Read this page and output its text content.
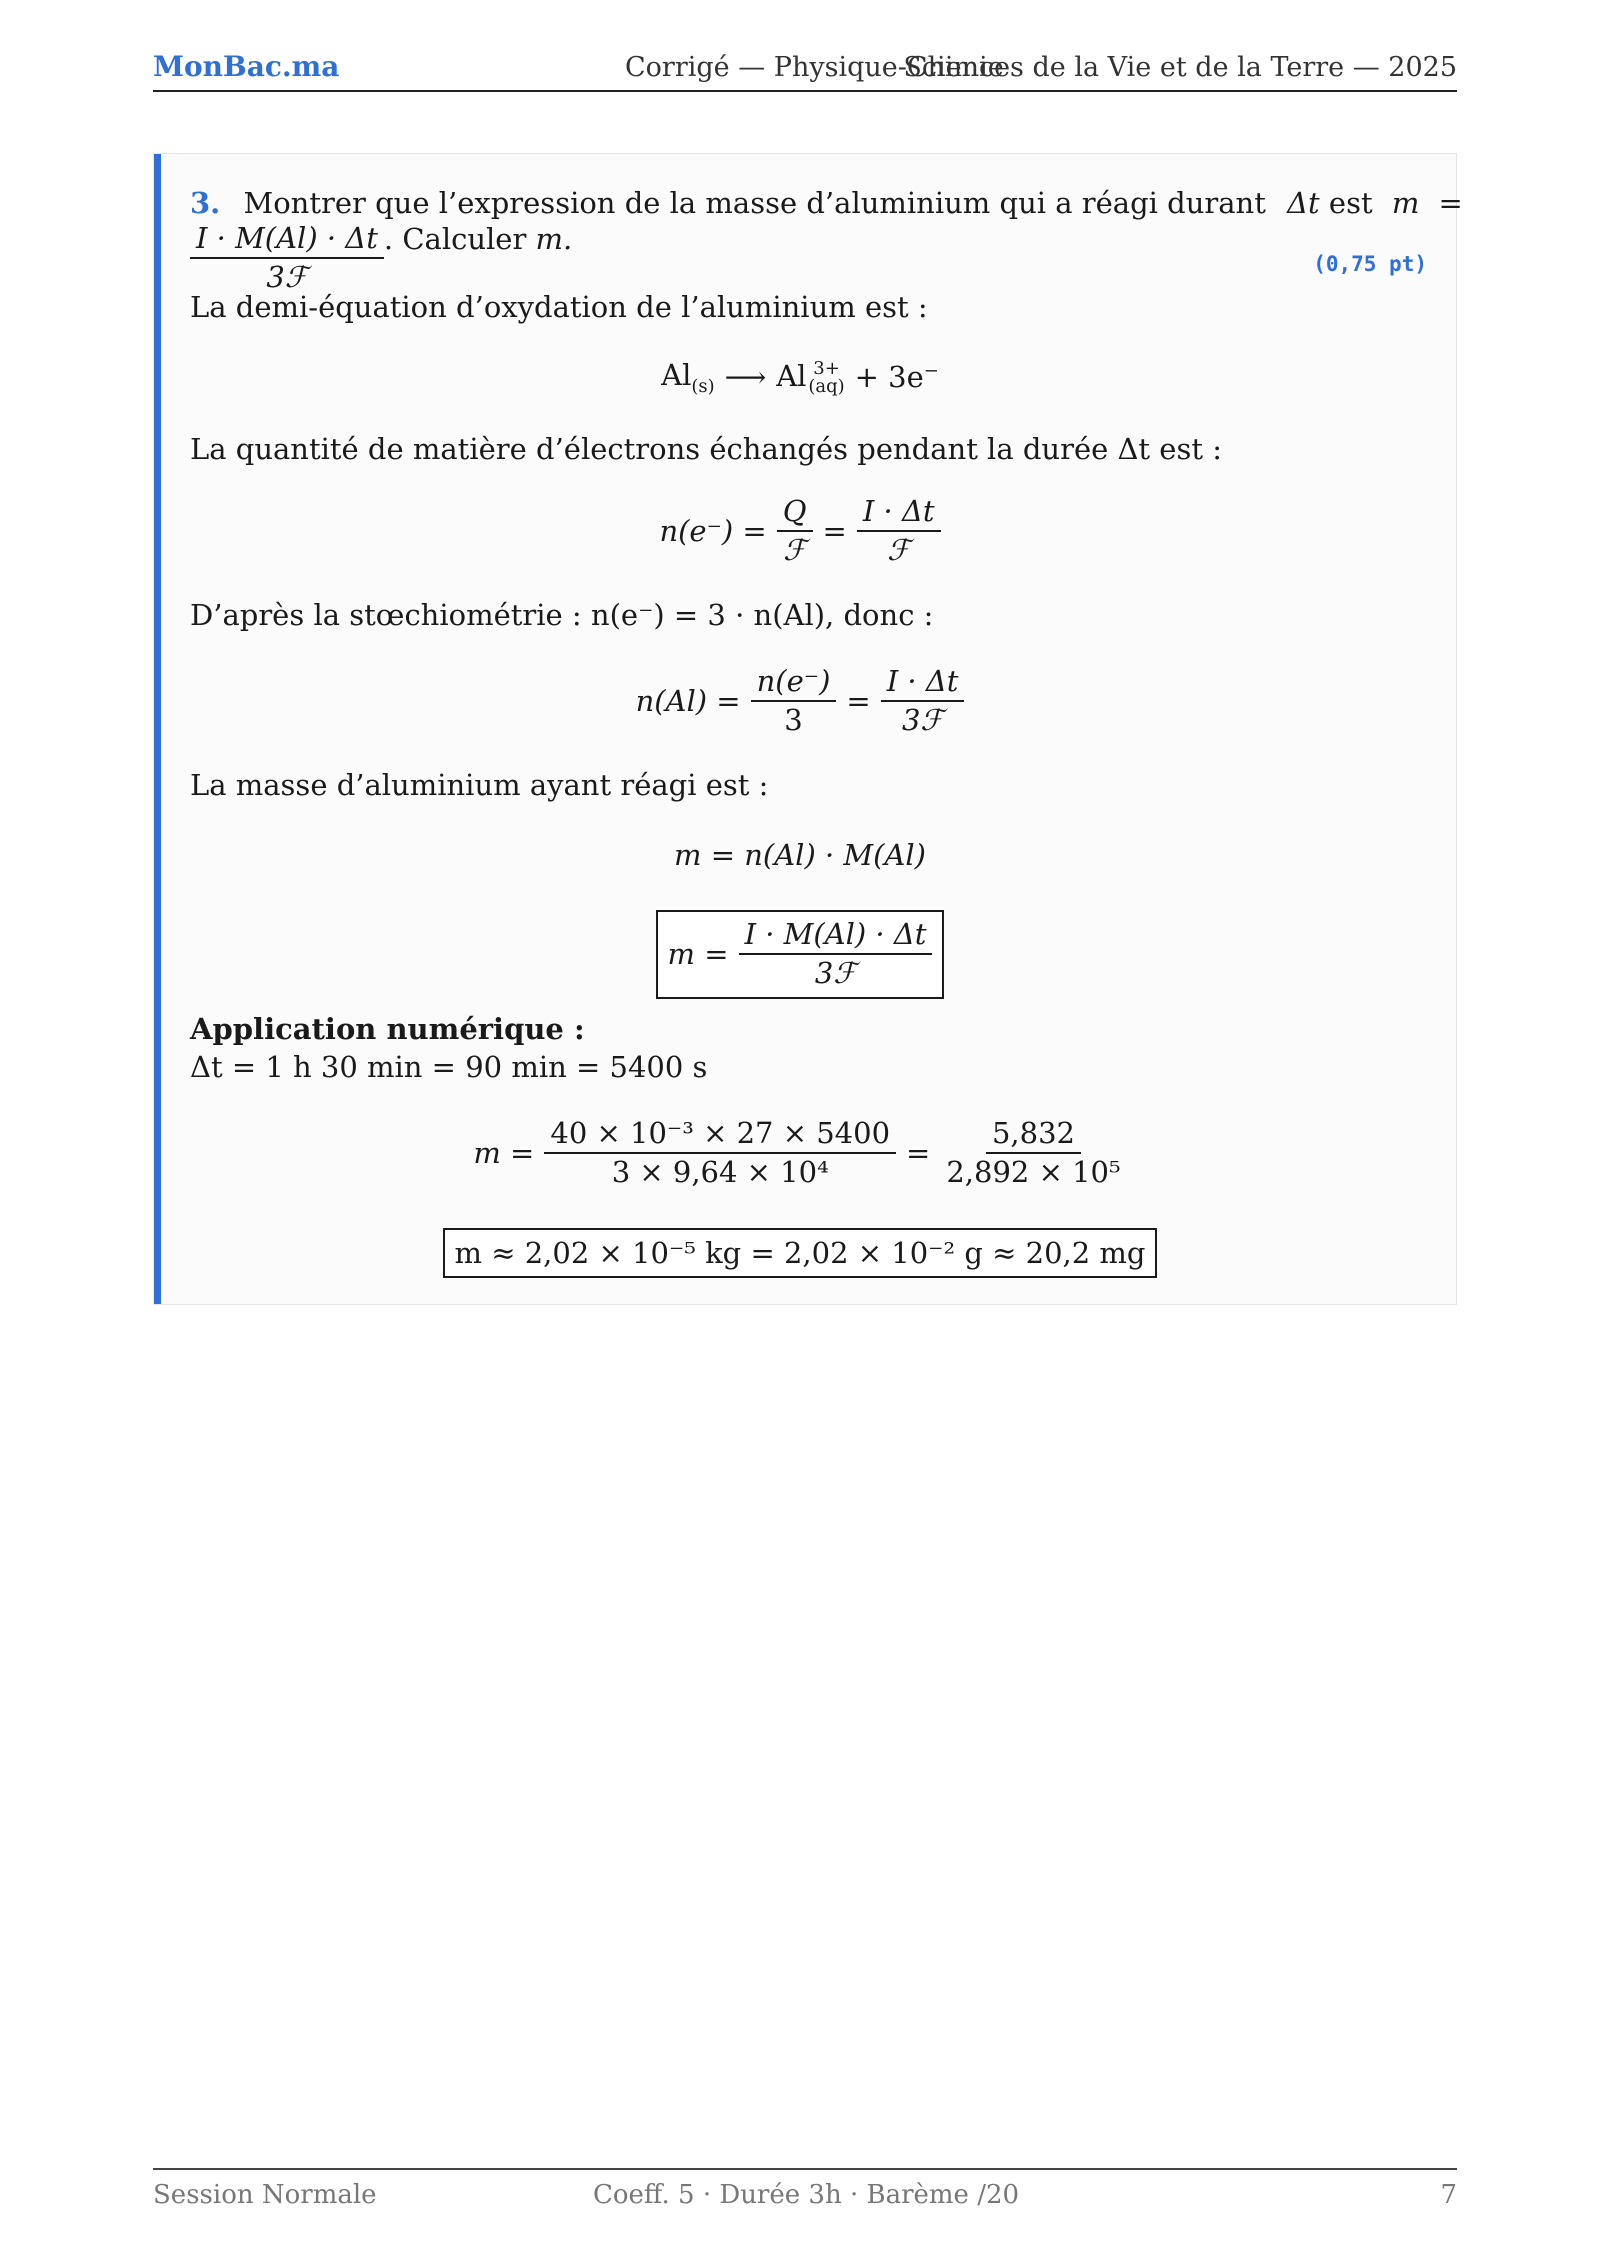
MonBac.ma	Corrigé — Physique-Chimie
Sciences de la Vie et de la Terre — 2025
3. Montrer que l’expression de la masse d’aluminium qui a réagi durant Δt est m =
$\frac{I \cdot M(Al) \cdot \Delta t}{\text{3ℱ}}$ . Calculer m.
(0,75 pt)
La demi-équation d’oxydation de l’aluminium est :
$Al_{(s)}$ ⟶ Al 3+
(aq) + 3e−
La quantité de matière d’électrons échangés pendant la durée Δt est :
$n(e^-) = \frac{Q}{\text{ℱ}} = \frac{I \cdot \Delta t}{\text{ℱ}}$
D’après la stœchiométrie : n(e⁻) = 3 · n(Al), donc :
$n(Al) = \frac{n(e^-)}{3} = \frac{I \cdot \Delta t}{\text{3ℱ}}$
La masse d’aluminium ayant réagi est :
m = n(Al) · M(Al)
$m = \frac{I \cdot M(Al) \cdot \Delta t}{\text{3ℱ}}$
Application numérique :
Δt = 1 h 30 min = 90 min = 5400 s
$m = \frac{\text{40 × 10⁻³ × 27 × 5400}}{\text{3 × 9,64 × 10⁴}} = \frac{5,832}{\text{2,892 × 10⁵}}$
m ≈ 2,02 × 10⁻⁵ kg = 2,02 × 10⁻² g ≈ 20,2 mg
Session Normale	Coeff. 5 · Durée 3h · Barème /20	7
